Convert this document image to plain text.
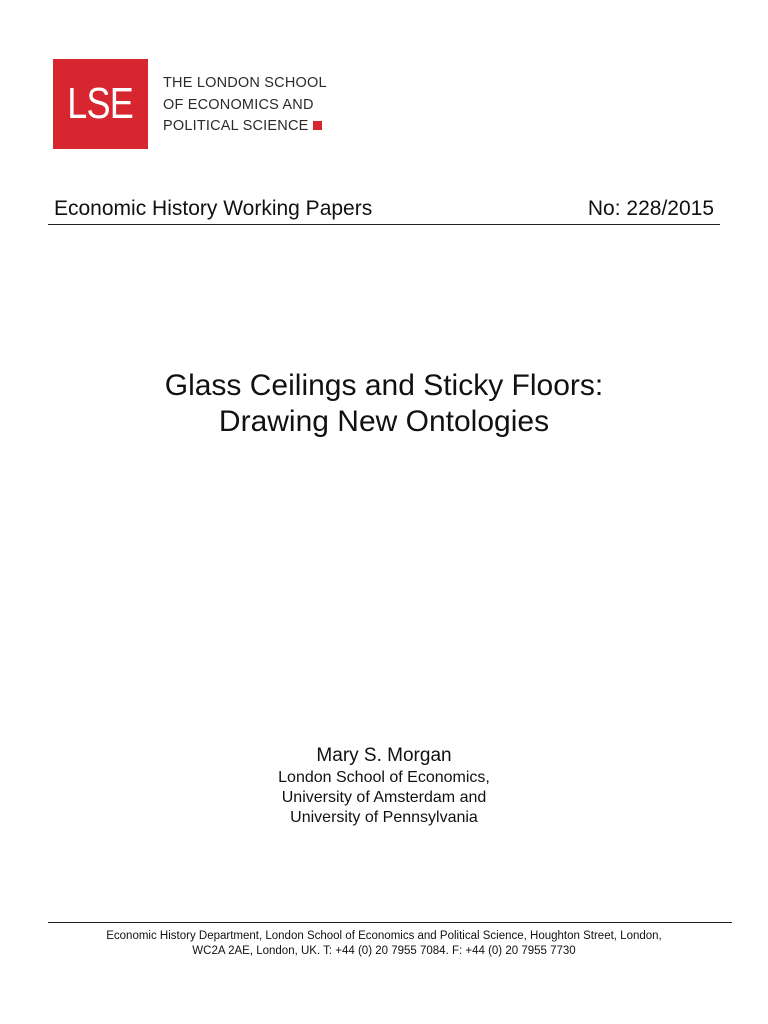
LSE THE LONDON SCHOOL
OF ECONOMICS AND
POLITICAL SCIENCE
Economic History Working Papers	No: 228/2015
Glass Ceilings and Sticky Floors:
Drawing New Ontologies
Mary S. Morgan
London School of Economics,
University of Amsterdam and
University of Pennsylvania
Economic History Department, London School of Economics and Political Science, Houghton Street, London,
WC2A 2AE, London, UK. T: +44 (0) 20 7955 7084. F: +44 (0) 20 7955 7730
